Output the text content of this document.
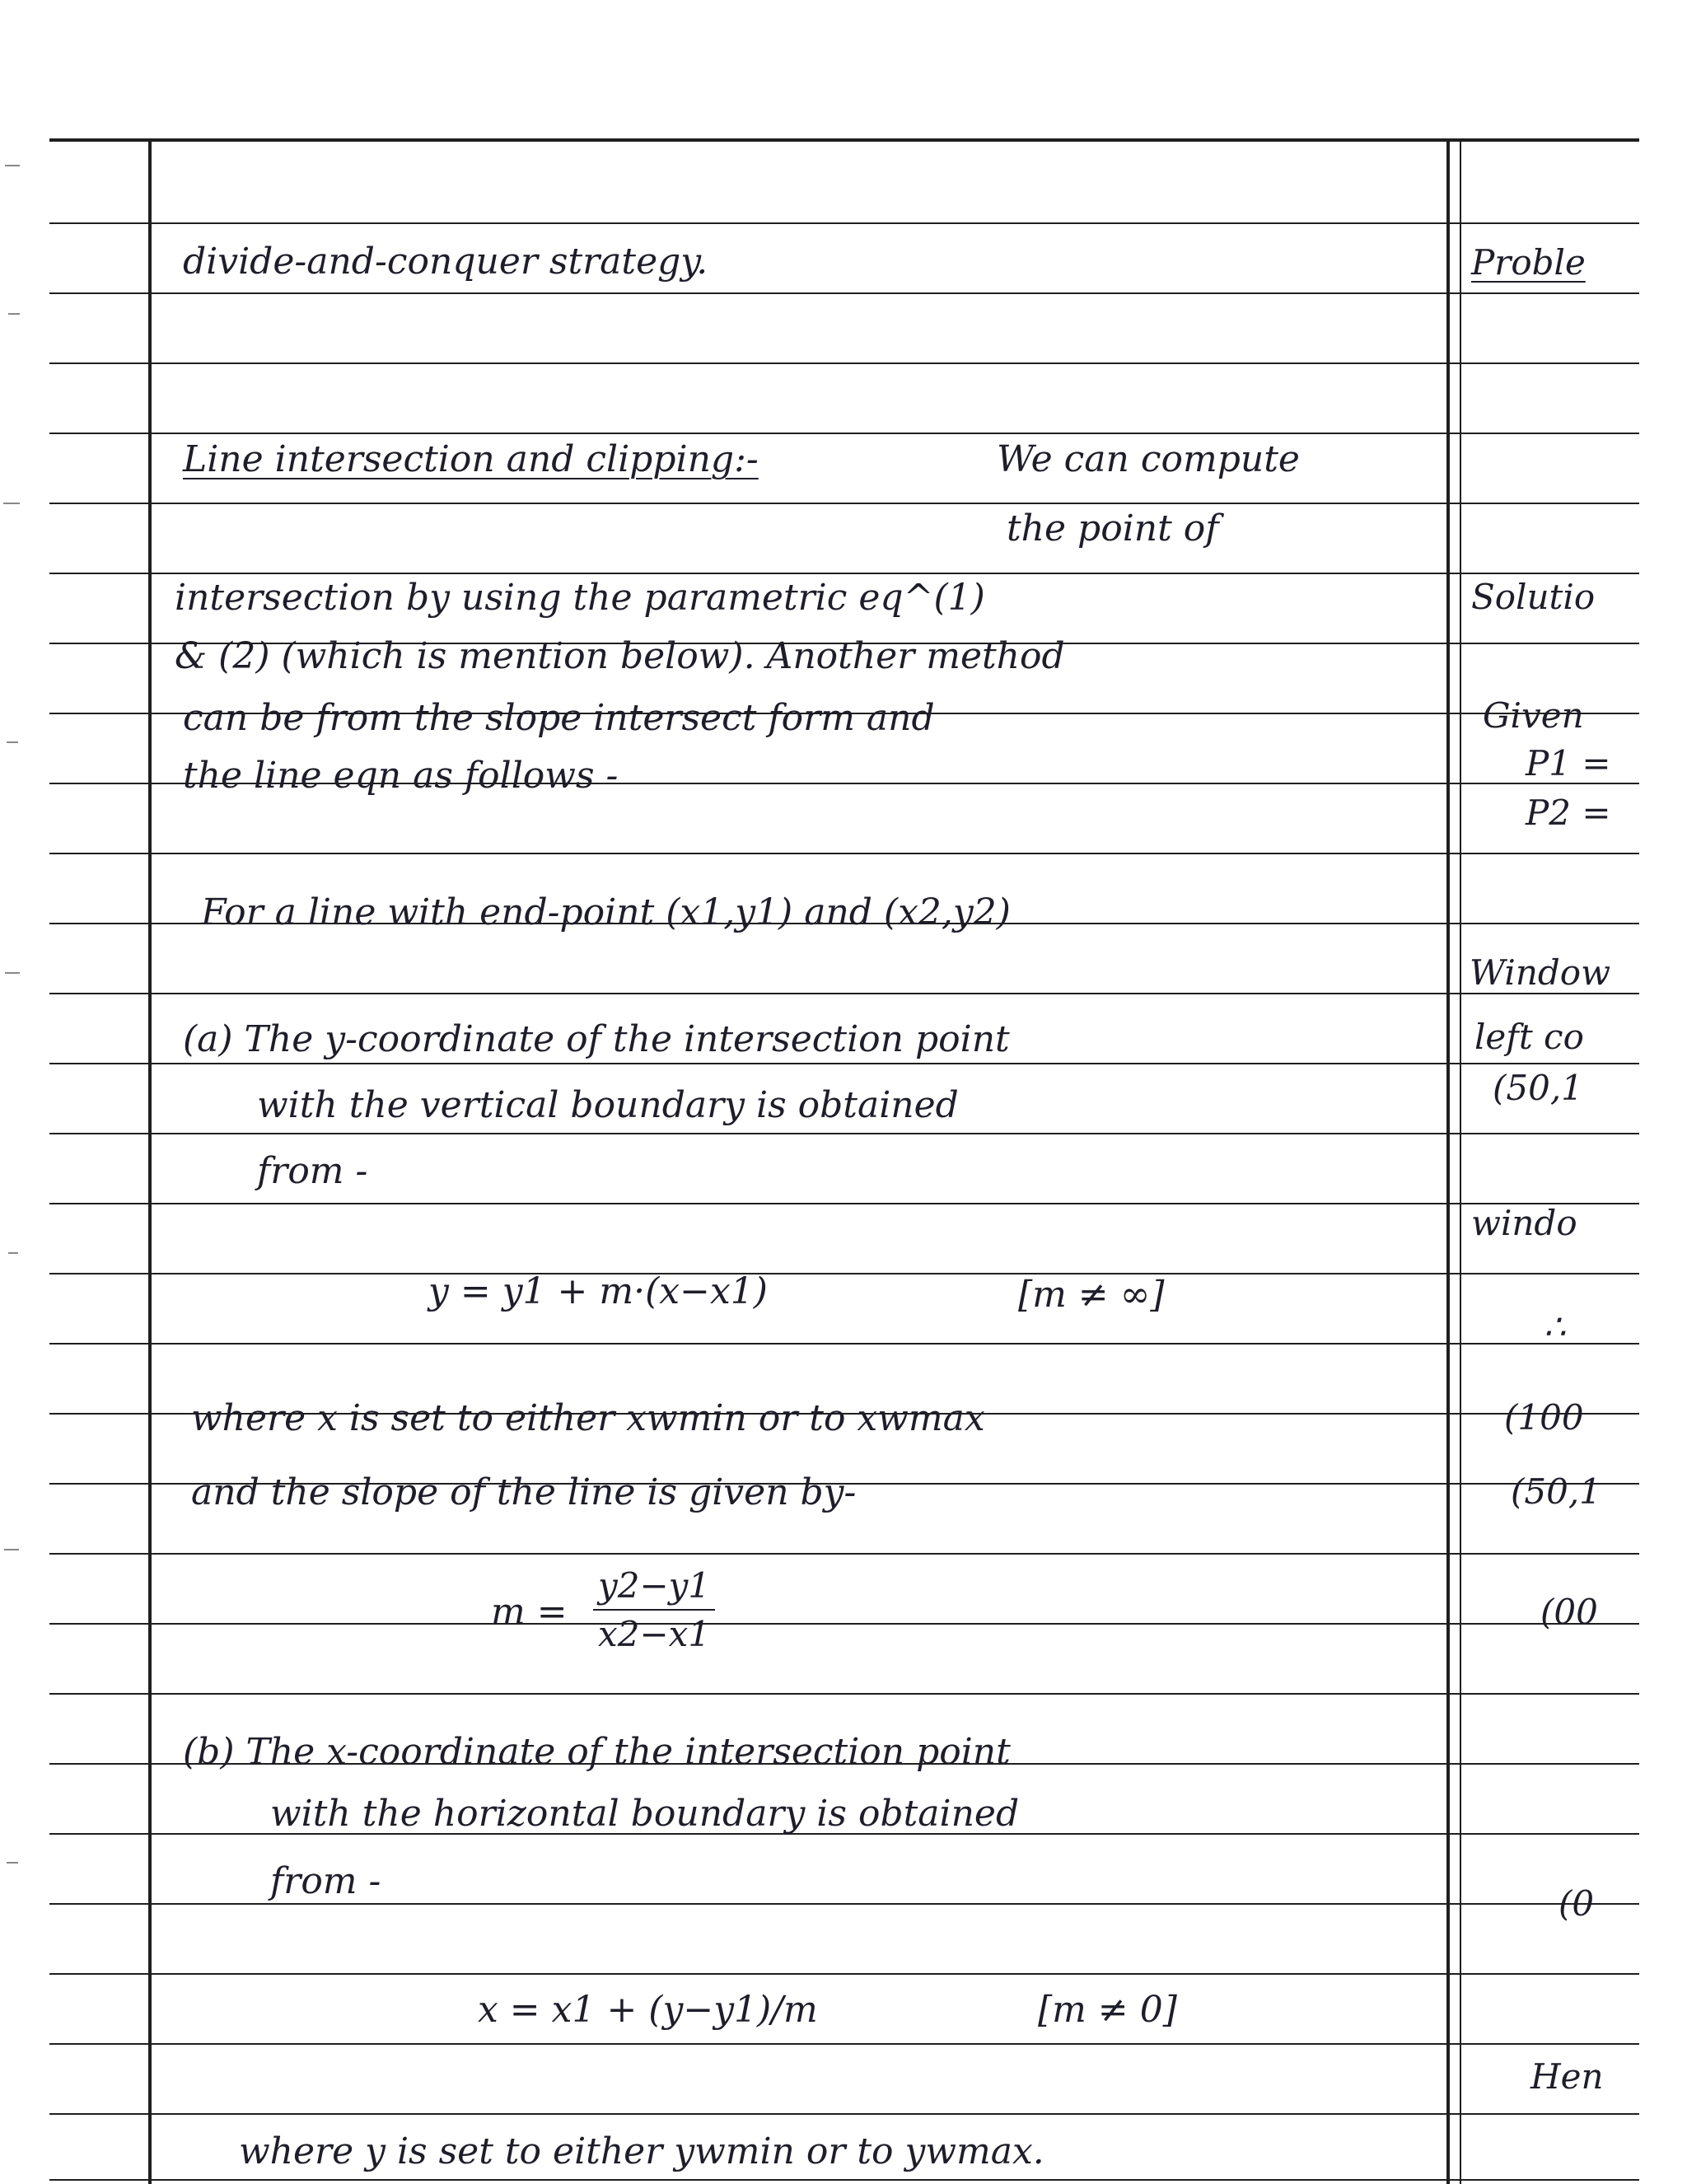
divide-and-conquer strategy.
Line intersection and clipping:-	We can compute
the point of
intersection by using the parametric eq^(1)
& (2) (which is mention below). Another method
can be from the slope intersect form and
the line eqn as follows -
For a line with end-point (x1,y1) and (x2,y2)
(a) The y-coordinate of the intersection point
with the vertical boundary is obtained
from -
y = y1 + m·(x−x1)	[m ≠ ∞]
where x is set to either xwmin or to xwmax
and the slope of the line is given by-
m =
y2−y1
x2−x1
(b) The x-coordinate of the intersection point
with the horizontal boundary is obtained
from -
x = x1 + (y−y1)/m	[m ≠ 0]
where y is set to either ywmin or to ywmax.
Proble
Solutio
Given
P1 =
P2 =
Window
left co
(50,1
windo
∴
(100
(50,1
(00
(0
Hen
